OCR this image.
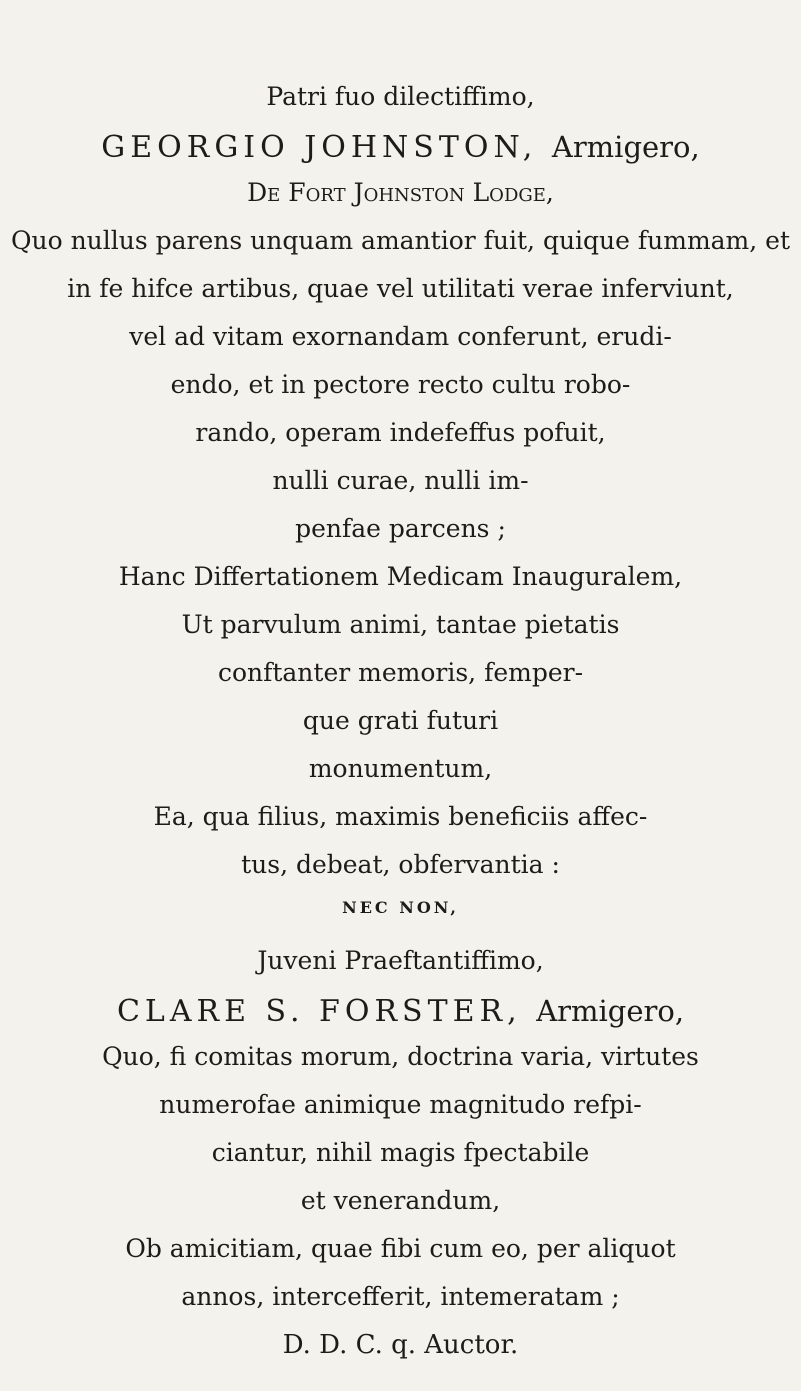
Patri fuo dilectiffimo,
GEORGIO JOHNSTON, Armigero,
De Fort Johnston Lodge,
Quo nullus parens unquam amantior fuit, quique fummam, et
in fe hifce artibus, quae vel utilitati verae inferviunt,
vel ad vitam exornandam conferunt, erudi-
endo, et in pectore recto cultu robo-
rando, operam indefeffus pofuit,
nulli curae, nulli im-
penfae parcens ;
Hanc Differtationem Medicam Inauguralem,
Ut parvulum animi, tantae pietatis
conftanter memoris, femper-
que grati futuri
monumentum,
Ea, qua filius, maximis beneficiis affec-
tus, debeat, obfervantia :
NEC NON,
Juveni Praeftantiffimo,
CLARE S. FORSTER, Armigero,
Quo, fi comitas morum, doctrina varia, virtutes
numerofae animique magnitudo refpi-
ciantur, nihil magis fpectabile
et venerandum,
Ob amicitiam, quae fibi cum eo, per aliquot
annos, intercefferit, intemeratam ;
D. D. C. q. Auctor.
